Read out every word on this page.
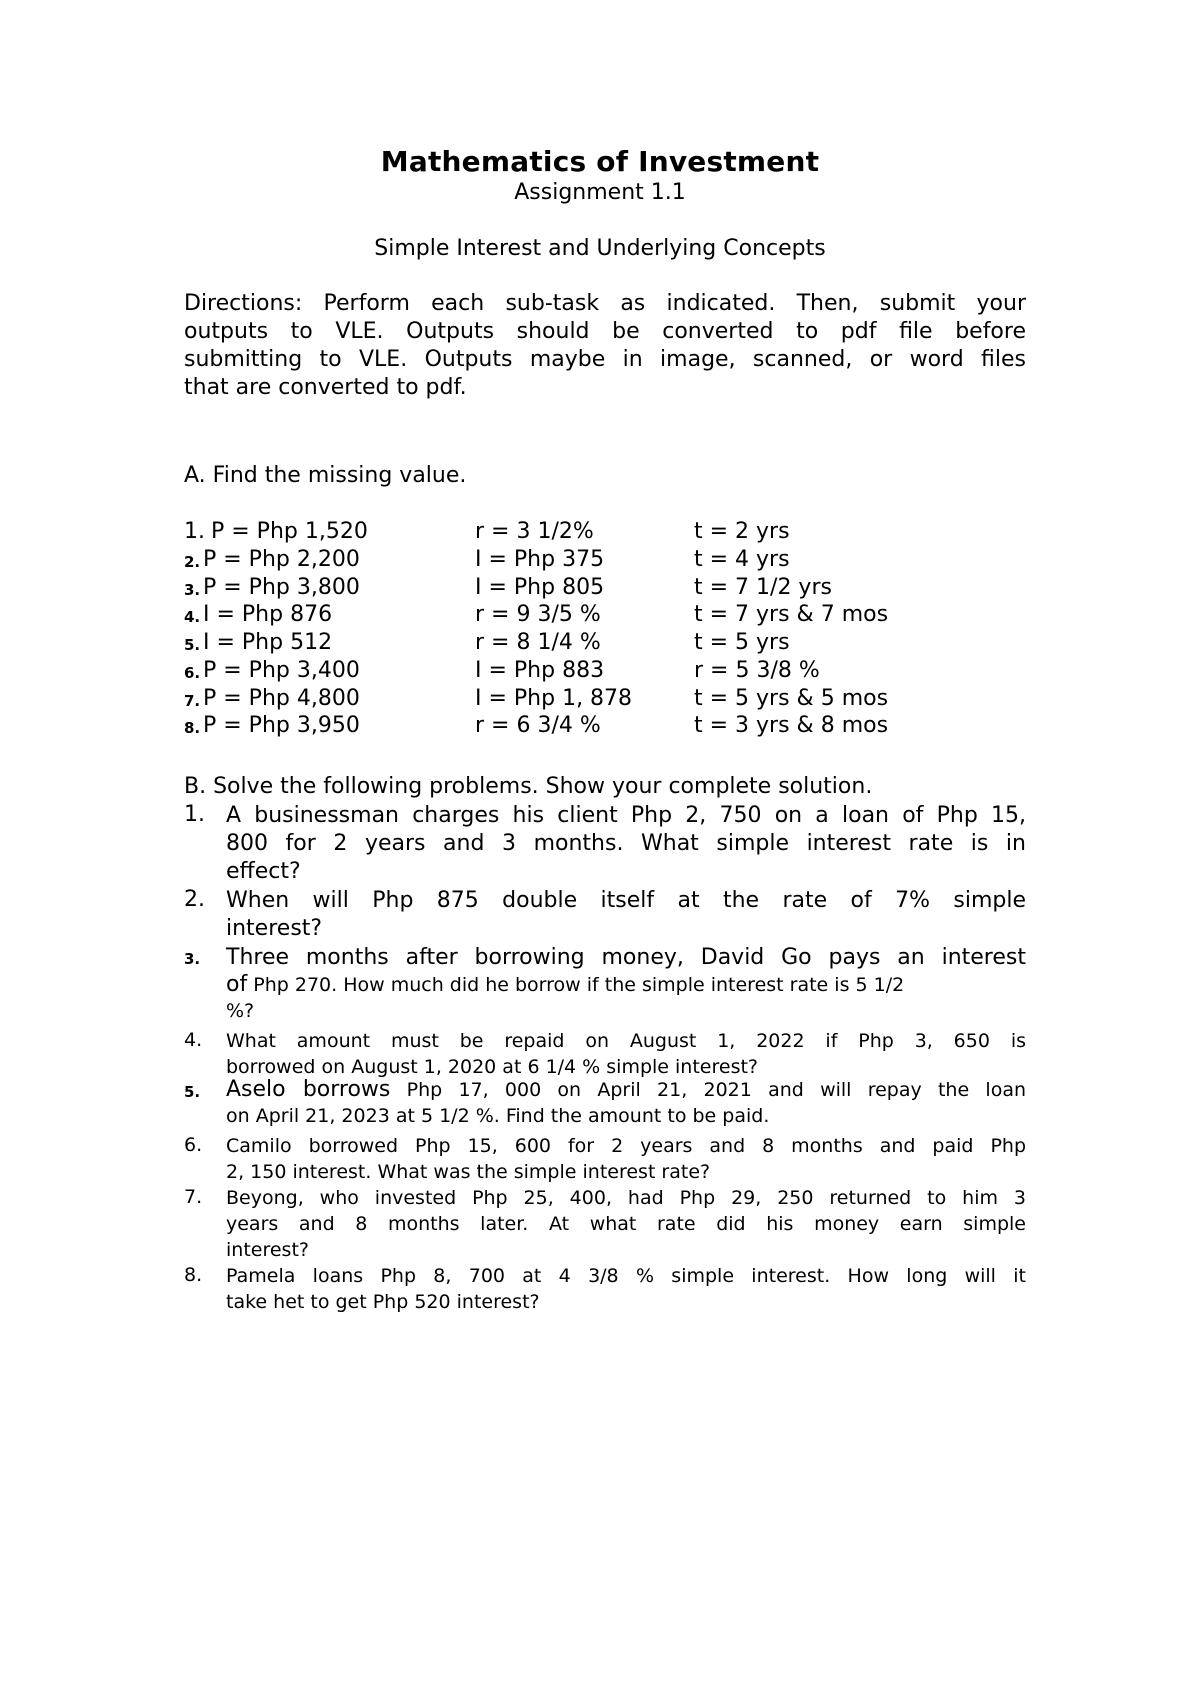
Mathematics of Investment
Assignment 1.1
Simple Interest and Underlying Concepts
Directions: Perform each sub-task as indicated. Then, submit your
outputs to VLE. Outputs should be converted to pdf file before
submitting to VLE. Outputs maybe in image, scanned, or word files
that are converted to pdf.
A. Find the missing value.
1. P = Php 1,520	r = 3 1/2%	t = 2 yrs
2. P = Php 2,200	I = Php 375	t = 4 yrs
3. P = Php 3,800	I = Php 805	t = 7 1/2 yrs
4. I = Php 876	r = 9 3/5 %	t = 7 yrs & 7 mos
5. I = Php 512	r = 8 1/4 %	t = 5 yrs
6. P = Php 3,400	I = Php 883	r = 5 3/8 %
7. P = Php 4,800	I = Php 1, 878	t = 5 yrs & 5 mos
8. P = Php 3,950	r = 6 3/4 %	t = 3 yrs & 8 mos
B. Solve the following problems. Show your complete solution.
1. A businessman charges his client Php 2, 750 on a loan of Php 15,
800 for 2 years and 3 months. What simple interest rate is in
effect?
2. When will Php 875 double itself at the rate of 7% simple
interest?
3. Three months after borrowing money, David Go pays an interest
of Php 270. How much did he borrow if the simple interest rate is 5 1/2
%?
4. What amount must be repaid on August 1, 2022 if Php 3, 650 is
borrowed on August 1, 2020 at 6 1/4 % simple interest?
5. Aselo borrows Php 17, 000 on April 21, 2021 and will repay the loan
on April 21, 2023 at 5 1/2 %. Find the amount to be paid.
6. Camilo borrowed Php 15, 600 for 2 years and 8 months and paid Php
2, 150 interest. What was the simple interest rate?
7. Beyong, who invested Php 25, 400, had Php 29, 250 returned to him 3
years and 8 months later. At what rate did his money earn simple
interest?
8. Pamela loans Php 8, 700 at 4 3/8 % simple interest. How long will it
take het to get Php 520 interest?
